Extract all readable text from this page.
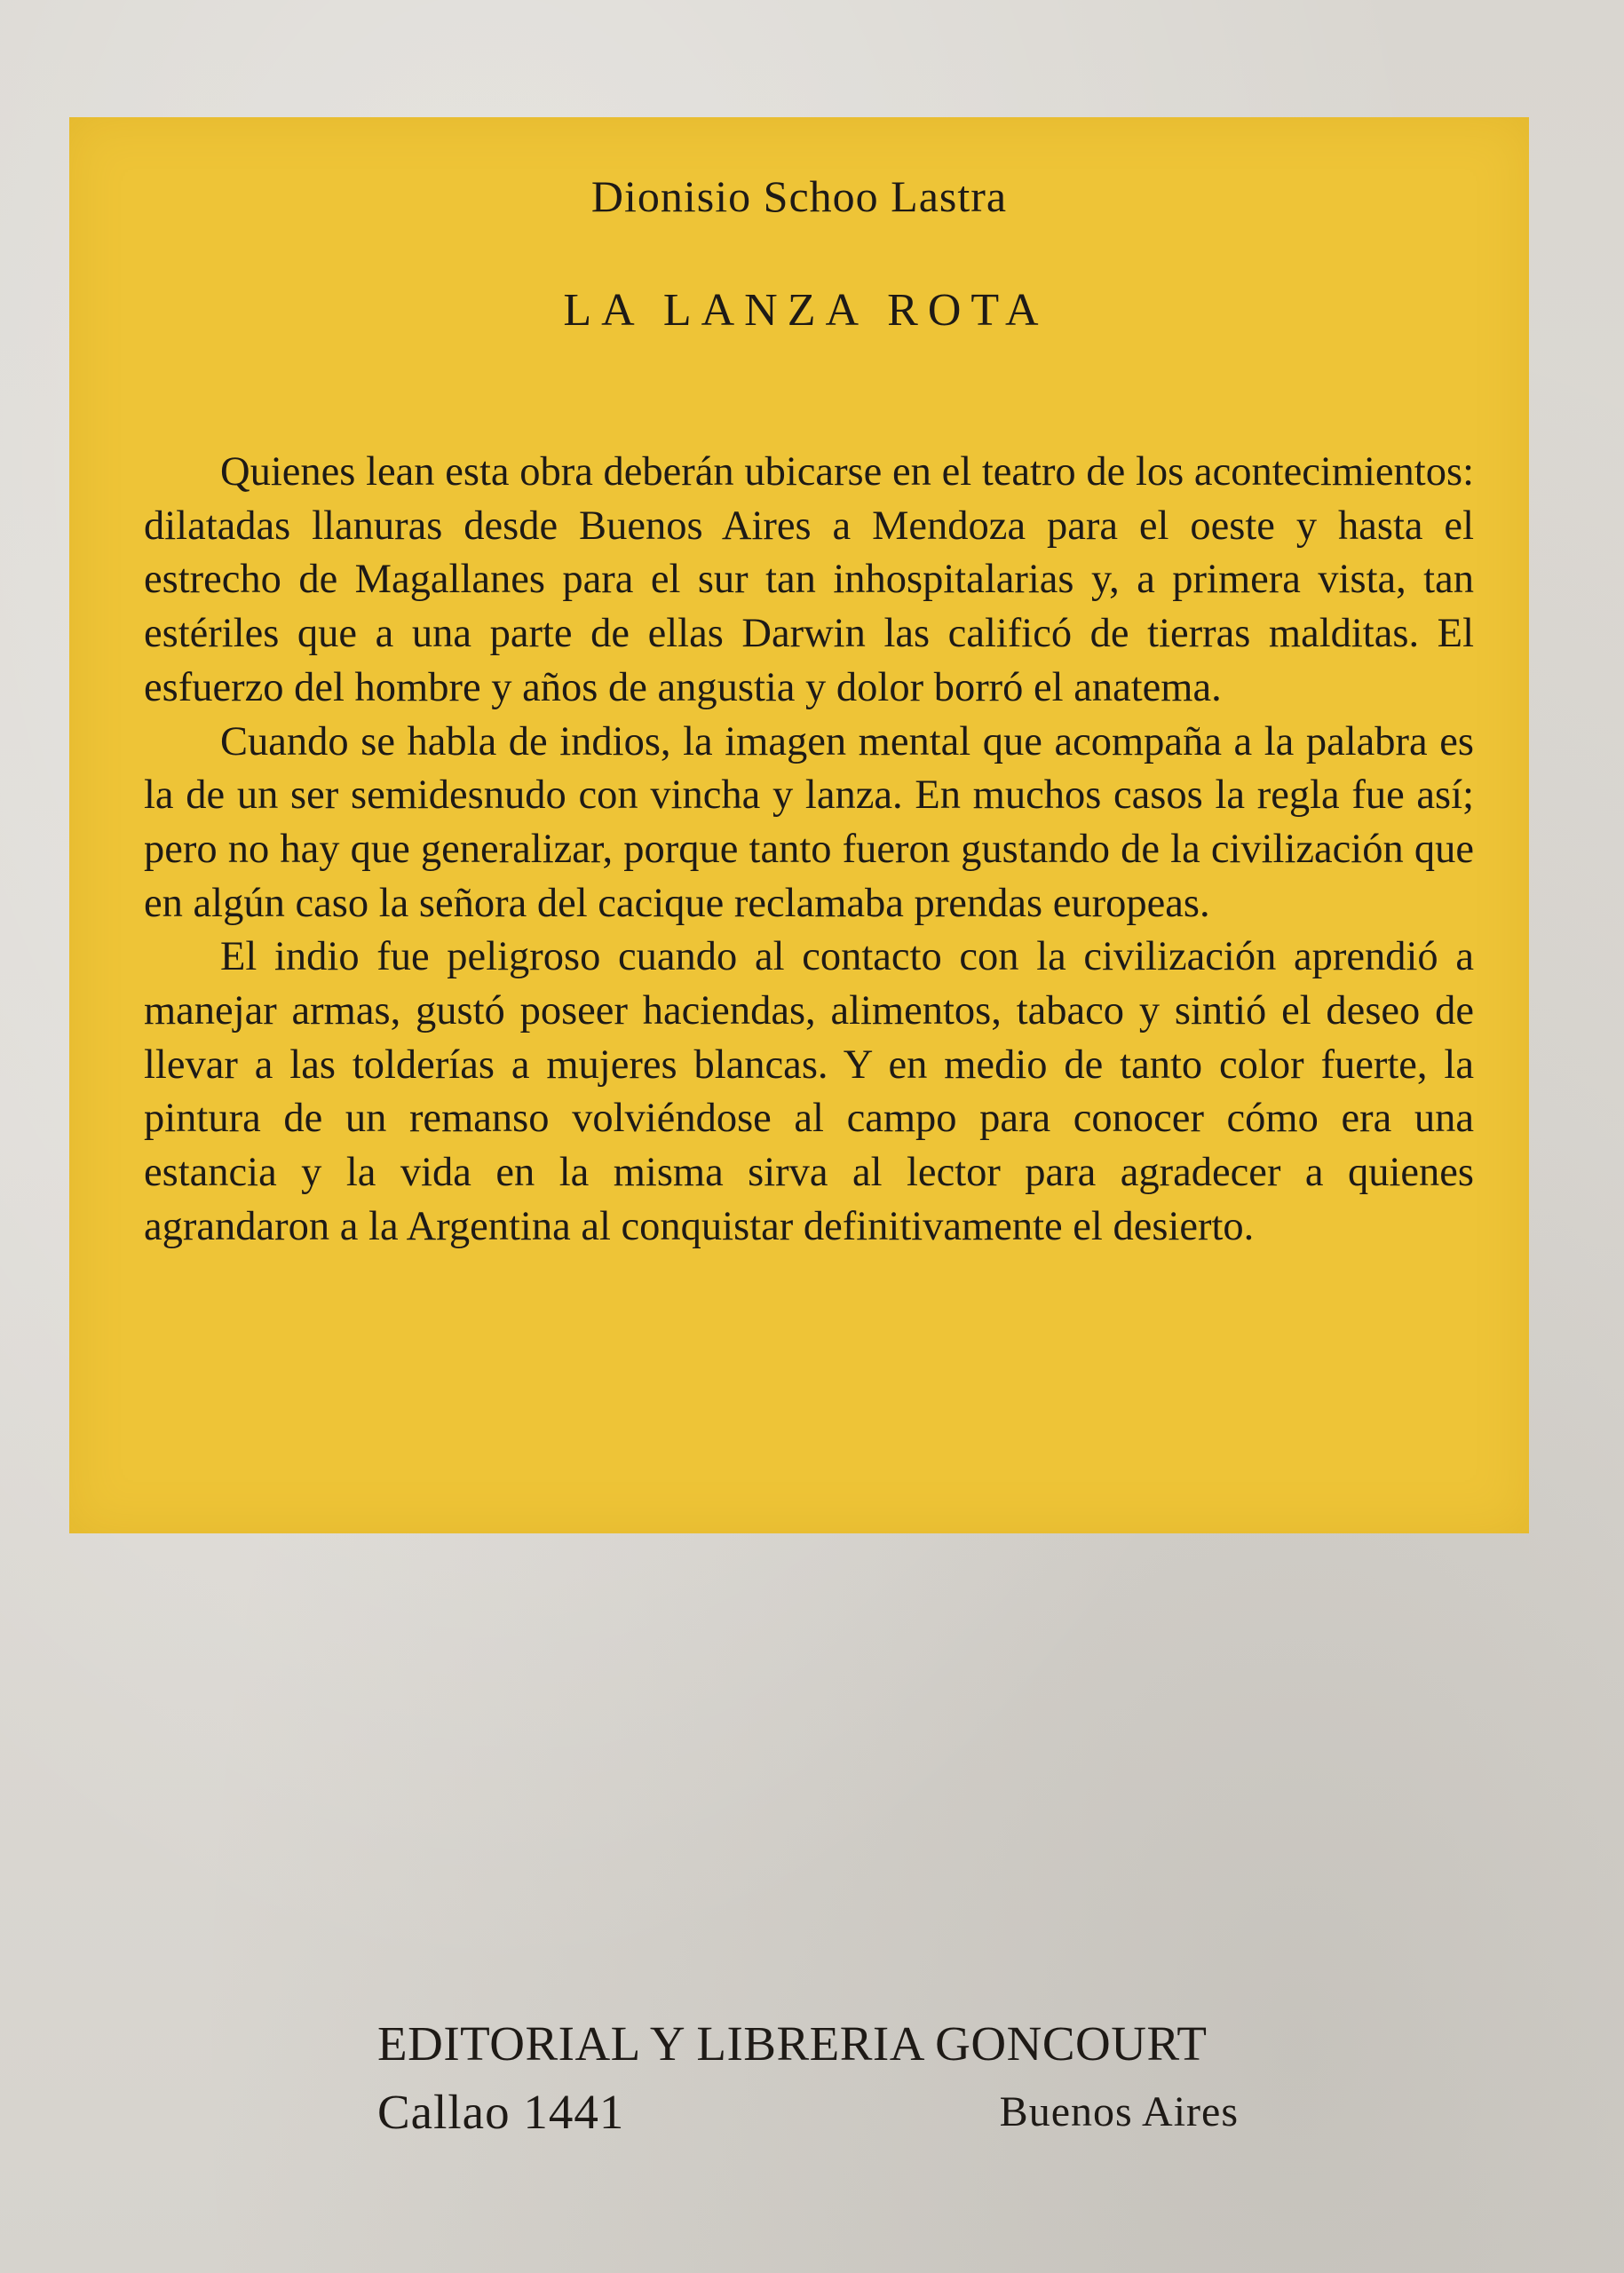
Dionisio Schoo Lastra
LA LANZA ROTA

Quienes lean esta obra deberán ubicarse en el teatro de los acontecimientos: dilatadas llanuras desde Buenos Aires a Mendoza para el oeste y hasta el estrecho de Magallanes para el sur tan inhospitalarias y, a primera vista, tan estériles que a una parte de ellas Darwin las calificó de tierras malditas. El esfuerzo del hombre y años de angustia y dolor borró el anatema.

Cuando se habla de indios, la imagen mental que acompaña a la palabra es la de un ser semidesnudo con vincha y lanza. En muchos casos la regla fue así; pero no hay que generalizar, porque tanto fueron gustando de la civilización que en algún caso la señora del cacique reclamaba prendas europeas.

El indio fue peligroso cuando al contacto con la civilización aprendió a manejar armas, gustó poseer haciendas, alimentos, tabaco y sintió el deseo de llevar a las tolderías a mujeres blancas. Y en medio de tanto color fuerte, la pintura de un remanso volviéndose al campo para conocer cómo era una estancia y la vida en la misma sirva al lector para agradecer a quienes agrandaron a la Argentina al conquistar definitivamente el desierto.

EDITORIAL Y LIBRERIA GONCOURT
Callao 1441	Buenos Aires
